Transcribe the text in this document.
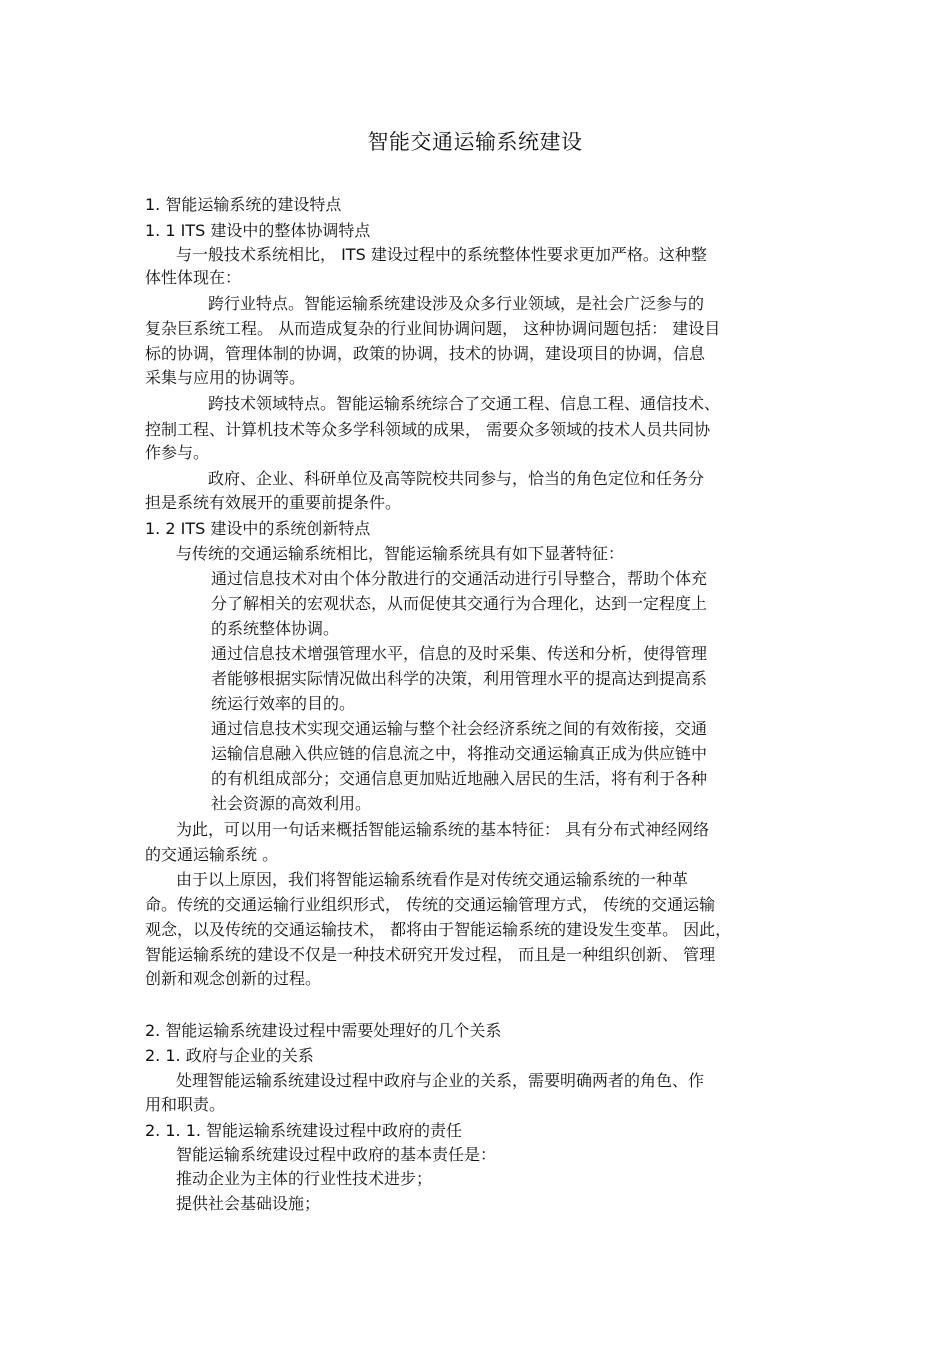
智能交通运输系统建设
1. 智能运输系统的建设特点
1. 1 ITS 建设中的整体协调特点
与一般技术系统相比， ITS 建设过程中的系统整体性要求更加严格。这种整
体性体现在：
跨行业特点。智能运输系统建设涉及众多行业领域，是社会广泛参与的
复杂巨系统工程。 从而造成复杂的行业间协调问题， 这种协调问题包括： 建设目
标的协调，管理体制的协调，政策的协调，技术的协调，建设项目的协调，信息
采集与应用的协调等。
跨技术领域特点。智能运输系统综合了交通工程、信息工程、通信技术、
控制工程、计算机技术等众多学科领域的成果， 需要众多领域的技术人员共同协
作参与。
政府、企业、科研单位及高等院校共同参与，恰当的角色定位和任务分
担是系统有效展开的重要前提条件。
1. 2 ITS 建设中的系统创新特点
与传统的交通运输系统相比，智能运输系统具有如下显著特征：
通过信息技术对由个体分散进行的交通活动进行引导整合，帮助个体充
分了解相关的宏观状态，从而促使其交通行为合理化，达到一定程度上
的系统整体协调。
通过信息技术增强管理水平，信息的及时采集、传送和分析，使得管理
者能够根据实际情况做出科学的决策，利用管理水平的提高达到提高系
统运行效率的目的。
通过信息技术实现交通运输与整个社会经济系统之间的有效衔接，交通
运输信息融入供应链的信息流之中，将推动交通运输真正成为供应链中
的有机组成部分；交通信息更加贴近地融入居民的生活，将有利于各种
社会资源的高效利用。
为此，可以用一句话来概括智能运输系统的基本特征： 具有分布式神经网络
的交通运输系统 。
由于以上原因，我们将智能运输系统看作是对传统交通运输系统的一种革
命。传统的交通运输行业组织形式， 传统的交通运输管理方式， 传统的交通运输
观念，以及传统的交通运输技术， 都将由于智能运输系统的建设发生变革。 因此，
智能运输系统的建设不仅是一种技术研究开发过程， 而且是一种组织创新、 管理
创新和观念创新的过程。
2. 智能运输系统建设过程中需要处理好的几个关系
2. 1. 政府与企业的关系
处理智能运输系统建设过程中政府与企业的关系，需要明确两者的角色、作
用和职责。
2. 1. 1. 智能运输系统建设过程中政府的责任
智能运输系统建设过程中政府的基本责任是：
推动企业为主体的行业性技术进步；
提供社会基础设施；
